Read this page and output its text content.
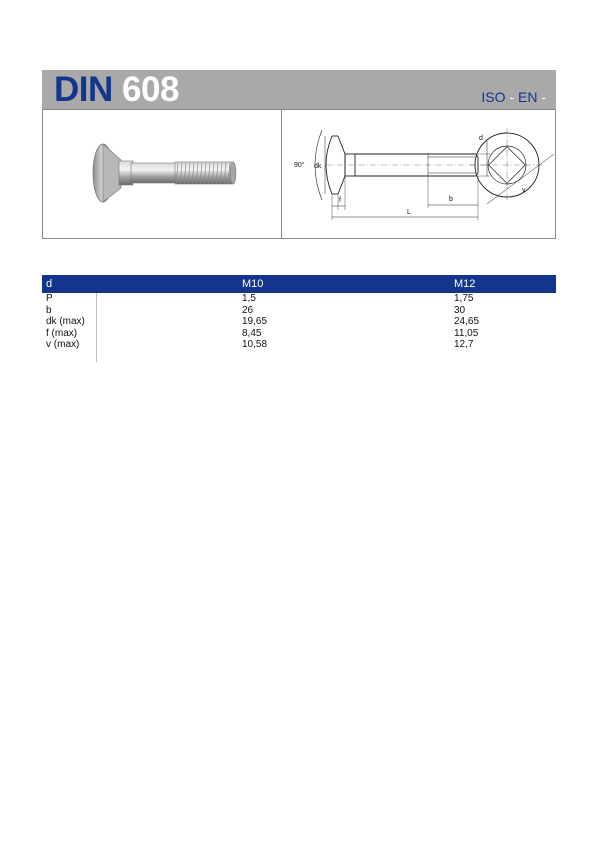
DIN 608	ISO - EN -
90° dk
d
f	b
L
v
d	M10	M12
P	1,5	1,75
b	26	30
dk (max)	19,65	24,65
f (max)	8,45	11,05
v (max)	10,58	12,7
